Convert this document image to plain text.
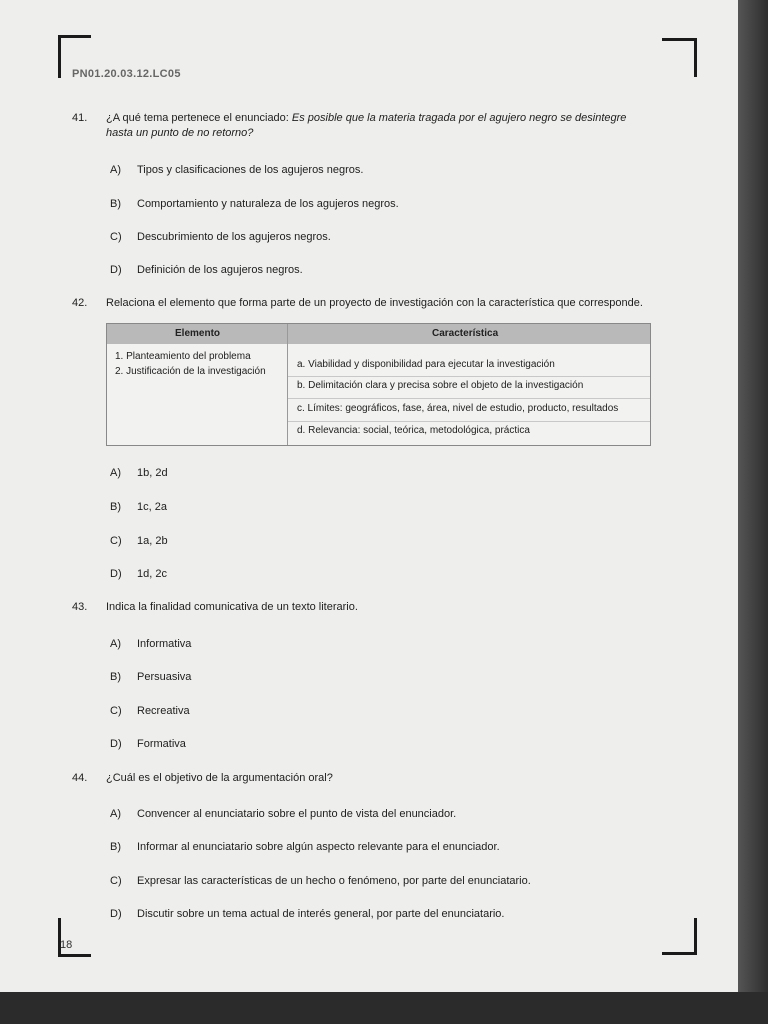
PN01.20.03.12.LC05
41. ¿A qué tema pertenece el enunciado: Es posible que la materia tragada por el agujero negro se desintegre
hasta un punto de no retorno?
A) Tipos y clasificaciones de los agujeros negros.
B) Comportamiento y naturaleza de los agujeros negros.
C) Descubrimiento de los agujeros negros.
D) Definición de los agujeros negros.
42. Relaciona el elemento que forma parte de un proyecto de investigación con la característica que corresponde.
Elemento	Característica
1. Planteamiento del problema
2. Justificación de la investigación
a. Viabilidad y disponibilidad para ejecutar la investigación
b. Delimitación clara y precisa sobre el objeto de la investigación
c. Límites: geográficos, fase, área, nivel de estudio, producto, resultados
d. Relevancia: social, teórica, metodológica, práctica
A) 1b, 2d
B) 1c, 2a
C) 1a, 2b
D) 1d, 2c
43. Indica la finalidad comunicativa de un texto literario.
A) Informativa
B) Persuasiva
C) Recreativa
D) Formativa
44. ¿Cuál es el objetivo de la argumentación oral?
A) Convencer al enunciatario sobre el punto de vista del enunciador.
B) Informar al enunciatario sobre algún aspecto relevante para el enunciador.
C) Expresar las características de un hecho o fenómeno, por parte del enunciatario.
D) Discutir sobre un tema actual de interés general, por parte del enunciatario.
18
